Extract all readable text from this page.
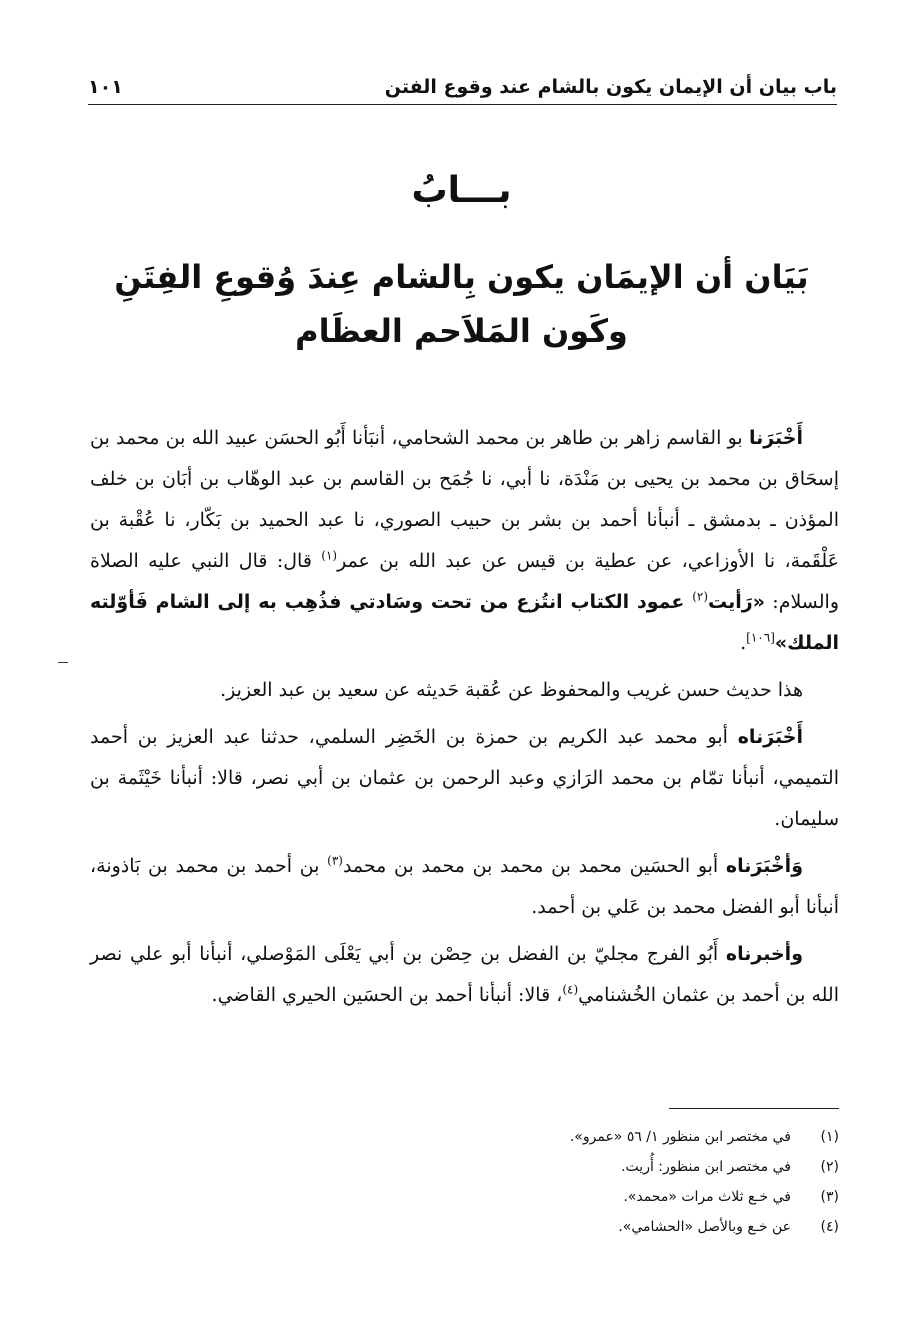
باب بيان أن الإيمان يكون بالشام عند وقوع الفتن
١٠١
بـــابُ
بَيَان أن الإيمَان يكون بِالشام عِندَ وُقوعِ الفِتَنِ
وكَون المَلاَحم العظَام

أَخْبَرَنا بو القاسم زاهر بن طاهر بن محمد الشحامي، أنبَأنا أَبُو الحسَن عبيد الله بن محمد بن إسحَاق بن محمد بن يحيى بن مَنْدَة، نا أبي، نا جُمَح بن القاسم بن عبد الوهّاب بن أبَان بن خلف المؤذن ـ بدمشق ـ أنبأنا أحمد بن بشر بن حبيب الصوري، نا عبد الحميد بن بَكّار، نا عُقْبة بن عَلْقَمة، نا الأوزاعي، عن عطية بن قيس عن عبد الله بن عمر$^{(١)}$ قال: قال النبي عليه الصلاة والسلام: «رَأيت$^{(٢)}$ عمود الكتاب انتُزع من تحت وسَادتي فذُهِب به إلى الشام فَأوّلته الملك»[١٠٦].

هذا حديث حسن غريب والمحفوظ عن عُقبة حَديثه عن سعيد بن عبد العزيز.

أَخْبَرَناه أبو محمد عبد الكريم بن حمزة بن الخَضِر السلمي، حدثنا عبد العزيز بن أحمد التميمي، أنبأنا تمّام بن محمد الرَازي وعبد الرحمن بن عثمان بن أبي نصر، قالا: أنبأنا خَيْثَمة بن سليمان.

وَأخْبَرَناه أبو الحسَين محمد بن محمد بن محمد بن محمد$^{(٣)}$ بن أحمد بن محمد بن بَاذونة، أنبأنا أبو الفضل محمد بن عَلي بن أحمد.

وأخبرناه أَبُو الفرج مجليّ بن الفضل بن حِصْن بن أبي يَعْلَى المَوْصلي، أنبأنا أبو علي نصر الله بن أحمد بن عثمان الخُشنامي$^{(٤)}$، قالا: أنبأنا أحمد بن الحسَين الحيري القاضي.

(١)
في مختصر ابن منظور ١/ ٥٦ «عمرو».
(٢)
في مختصر ابن منظور: أُريت.
(٣)
في خـع ثلاث مرات «محمد».
(٤)
عن خـع وبالأصل «الحشامي».
